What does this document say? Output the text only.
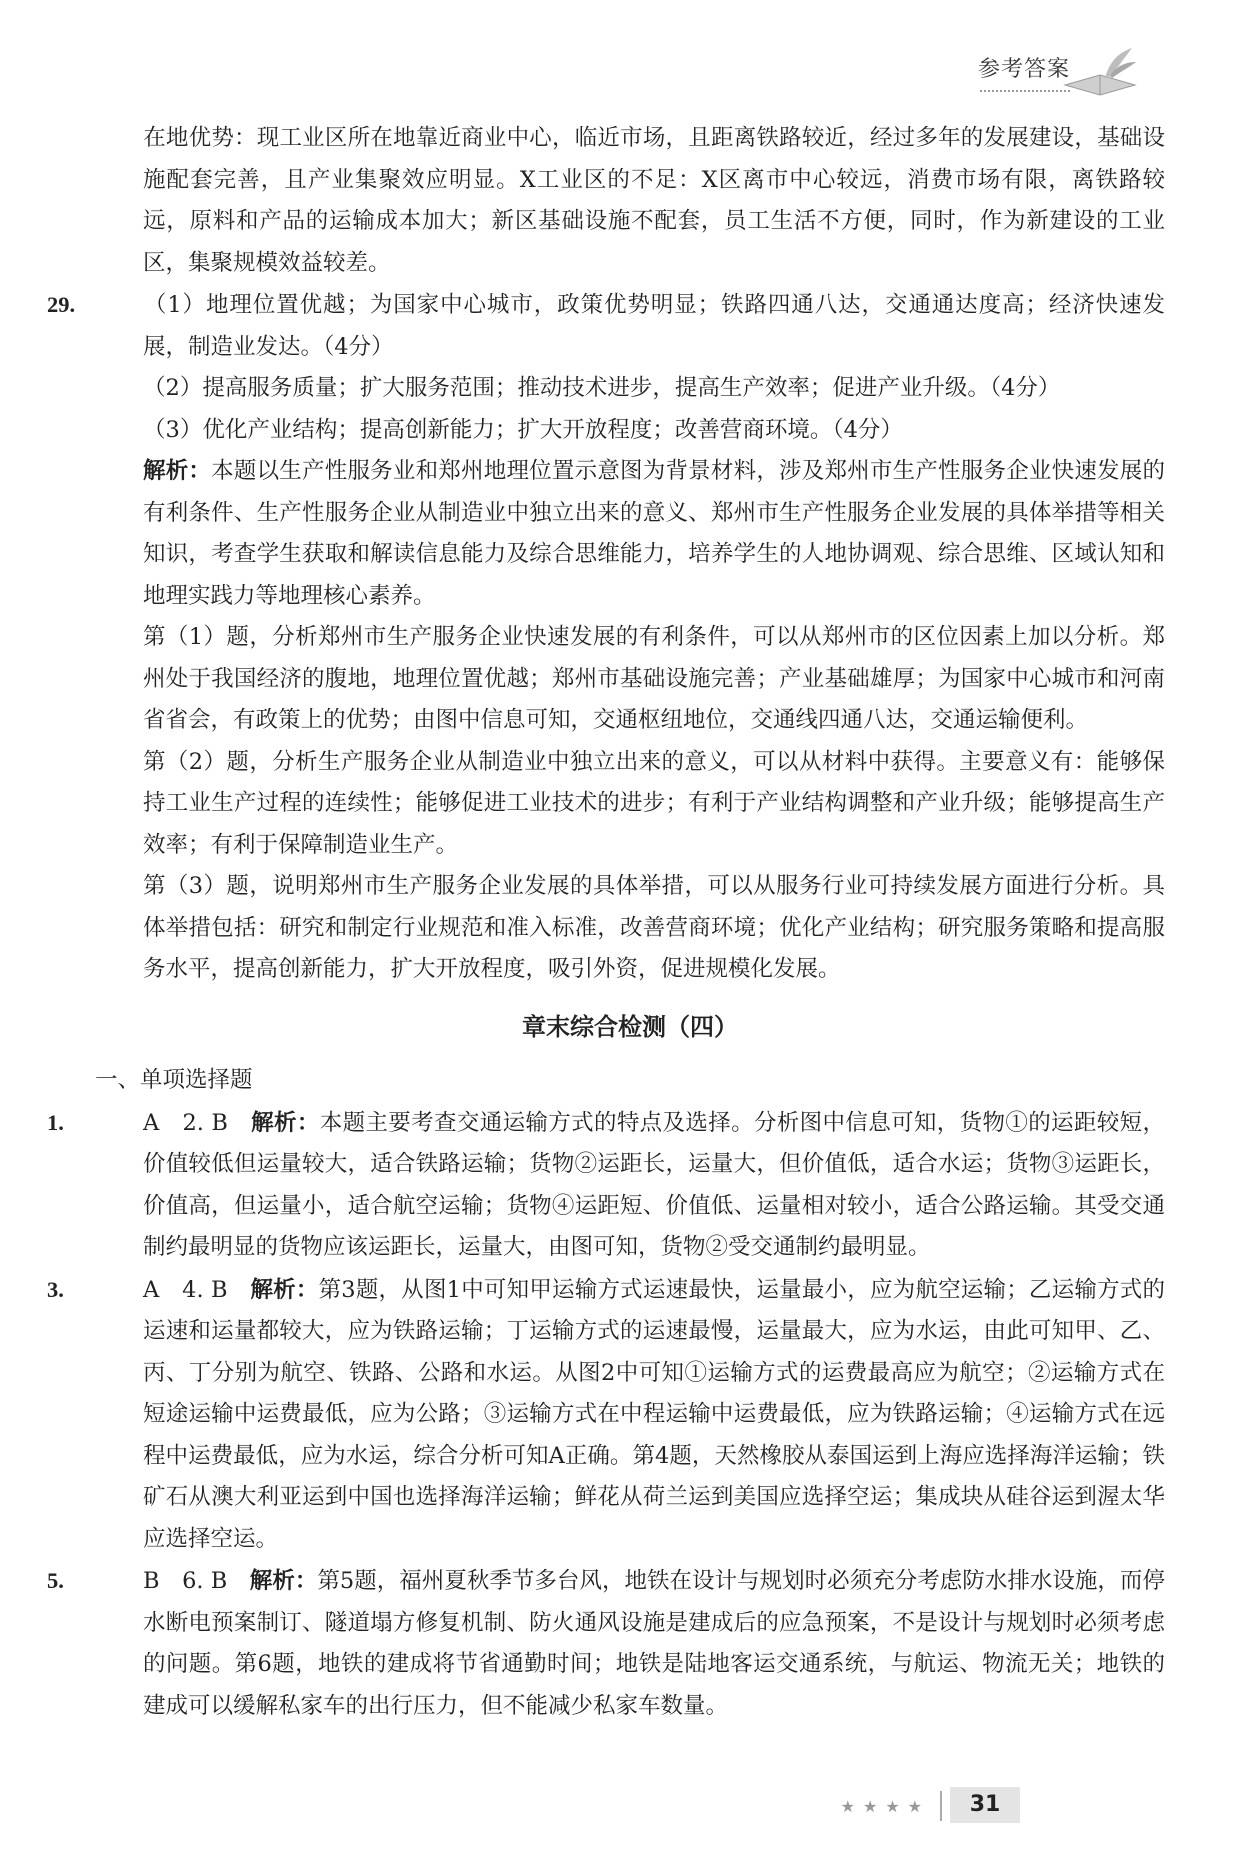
参考答案

在地优势：现工业区所在地靠近商业中心，临近市场，且距离铁路较近，经过多年的发展建设，基础设施配套完善，且产业集聚效应明显。X工业区的不足：X区离市中心较远，消费市场有限，离铁路较远，原料和产品的运输成本加大；新区基础设施不配套，员工生活不方便，同时，作为新建设的工业区，集聚规模效益较差。

29.	（1）地理位置优越；为国家中心城市，政策优势明显；铁路四通八达，交通通达度高；经济快速发展，制造业发达。（4分）

（2）提高服务质量；扩大服务范围；推动技术进步，提高生产效率；促进产业升级。（4分）

（3）优化产业结构；提高创新能力；扩大开放程度；改善营商环境。（4分）

解析：本题以生产性服务业和郑州地理位置示意图为背景材料，涉及郑州市生产性服务企业快速发展的有利条件、生产性服务企业从制造业中独立出来的意义、郑州市生产性服务企业发展的具体举措等相关知识，考查学生获取和解读信息能力及综合思维能力，培养学生的人地协调观、综合思维、区域认知和地理实践力等地理核心素养。

第（1）题，分析郑州市生产服务企业快速发展的有利条件，可以从郑州市的区位因素上加以分析。郑州处于我国经济的腹地，地理位置优越；郑州市基础设施完善；产业基础雄厚；为国家中心城市和河南省省会，有政策上的优势；由图中信息可知，交通枢纽地位，交通线四通八达，交通运输便利。

第（2）题，分析生产服务企业从制造业中独立出来的意义，可以从材料中获得。主要意义有：能够保持工业生产过程的连续性；能够促进工业技术的进步；有利于产业结构调整和产业升级；能够提高生产效率；有利于保障制造业生产。

第（3）题，说明郑州市生产服务企业发展的具体举措，可以从服务行业可持续发展方面进行分析。具体举措包括：研究和制定行业规范和准入标准，改善营商环境；优化产业结构；研究服务策略和提高服务水平，提高创新能力，扩大开放程度，吸引外资，促进规模化发展。

章末综合检测（四）

一、单项选择题

1.	A　2. B　解析：本题主要考查交通运输方式的特点及选择。分析图中信息可知，货物①的运距较短，价值较低但运量较大，适合铁路运输；货物②运距长，运量大，但价值低，适合水运；货物③运距长，价值高，但运量小，适合航空运输；货物④运距短、价值低、运量相对较小，适合公路运输。其受交通制约最明显的货物应该运距长，运量大，由图可知，货物②受交通制约最明显。

3.	A　4. B　解析：第3题，从图1中可知甲运输方式运速最快，运量最小，应为航空运输；乙运输方式的运速和运量都较大，应为铁路运输；丁运输方式的运速最慢，运量最大，应为水运，由此可知甲、乙、丙、丁分别为航空、铁路、公路和水运。从图2中可知①运输方式的运费最高应为航空；②运输方式在短途运输中运费最低，应为公路；③运输方式在中程运输中运费最低，应为铁路运输；④运输方式在远程中运费最低，应为水运，综合分析可知A正确。第4题，天然橡胶从泰国运到上海应选择海洋运输；铁矿石从澳大利亚运到中国也选择海洋运输；鲜花从荷兰运到美国应选择空运；集成块从硅谷运到渥太华应选择空运。

5.	B　6. B　解析：第5题，福州夏秋季节多台风，地铁在设计与规划时必须充分考虑防水排水设施，而停水断电预案制订、隧道塌方修复机制、防火通风设施是建成后的应急预案，不是设计与规划时必须考虑的问题。第6题，地铁的建成将节省通勤时间；地铁是陆地客运交通系统，与航运、物流无关；地铁的建成可以缓解私家车的出行压力，但不能减少私家车数量。

★★★★	31
